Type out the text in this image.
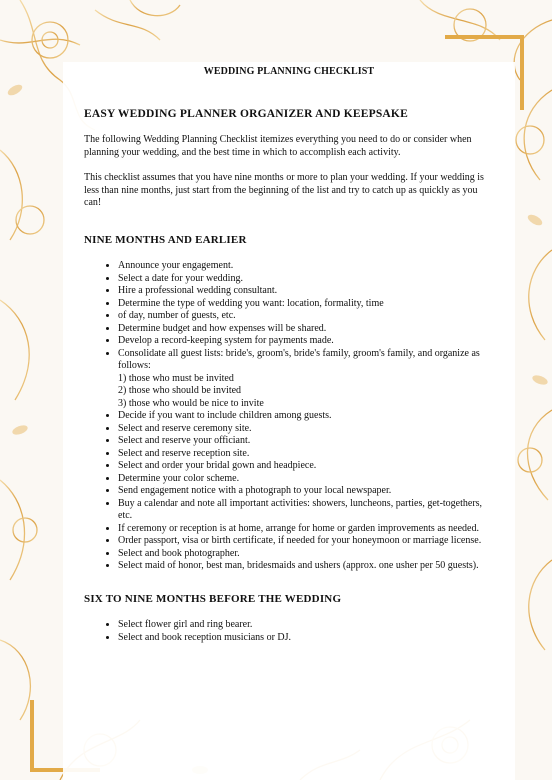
WEDDING PLANNING CHECKLIST

EASY WEDDING PLANNER ORGANIZER AND KEEPSAKE

The following Wedding Planning Checklist itemizes everything you need to do or consider when planning your wedding, and the best time in which to accomplish each activity.

This checklist assumes that you have nine months or more to plan your wedding. If your wedding is less than nine months, just start from the beginning of the list and try to catch up as quickly as you can!

NINE MONTHS AND EARLIER

• Announce your engagement.
• Select a date for your wedding.
• Hire a professional wedding consultant.
• Determine the type of wedding you want: location, formality, time
• of day, number of guests, etc.
• Determine budget and how expenses will be shared.
• Develop a record-keeping system for payments made.
• Consolidate all guest lists: bride's, groom's, bride's family, groom's family, and organize as follows:
1) those who must be invited
2) those who should be invited
3) those who would be nice to invite
• Decide if you want to include children among guests.
• Select and reserve ceremony site.
• Select and reserve your officiant.
• Select and reserve reception site.
• Select and order your bridal gown and headpiece.
• Determine your color scheme.
• Send engagement notice with a photograph to your local newspaper.
• Buy a calendar and note all important activities: showers, luncheons, parties, get-togethers, etc.
• If ceremony or reception is at home, arrange for home or garden improvements as needed.
• Order passport, visa or birth certificate, if needed for your honeymoon or marriage license.
• Select and book photographer.
• Select maid of honor, best man, bridesmaids and ushers (approx. one usher per 50 guests).

SIX TO NINE MONTHS BEFORE THE WEDDING

• Select flower girl and ring bearer.
• Select and book reception musicians or DJ.
